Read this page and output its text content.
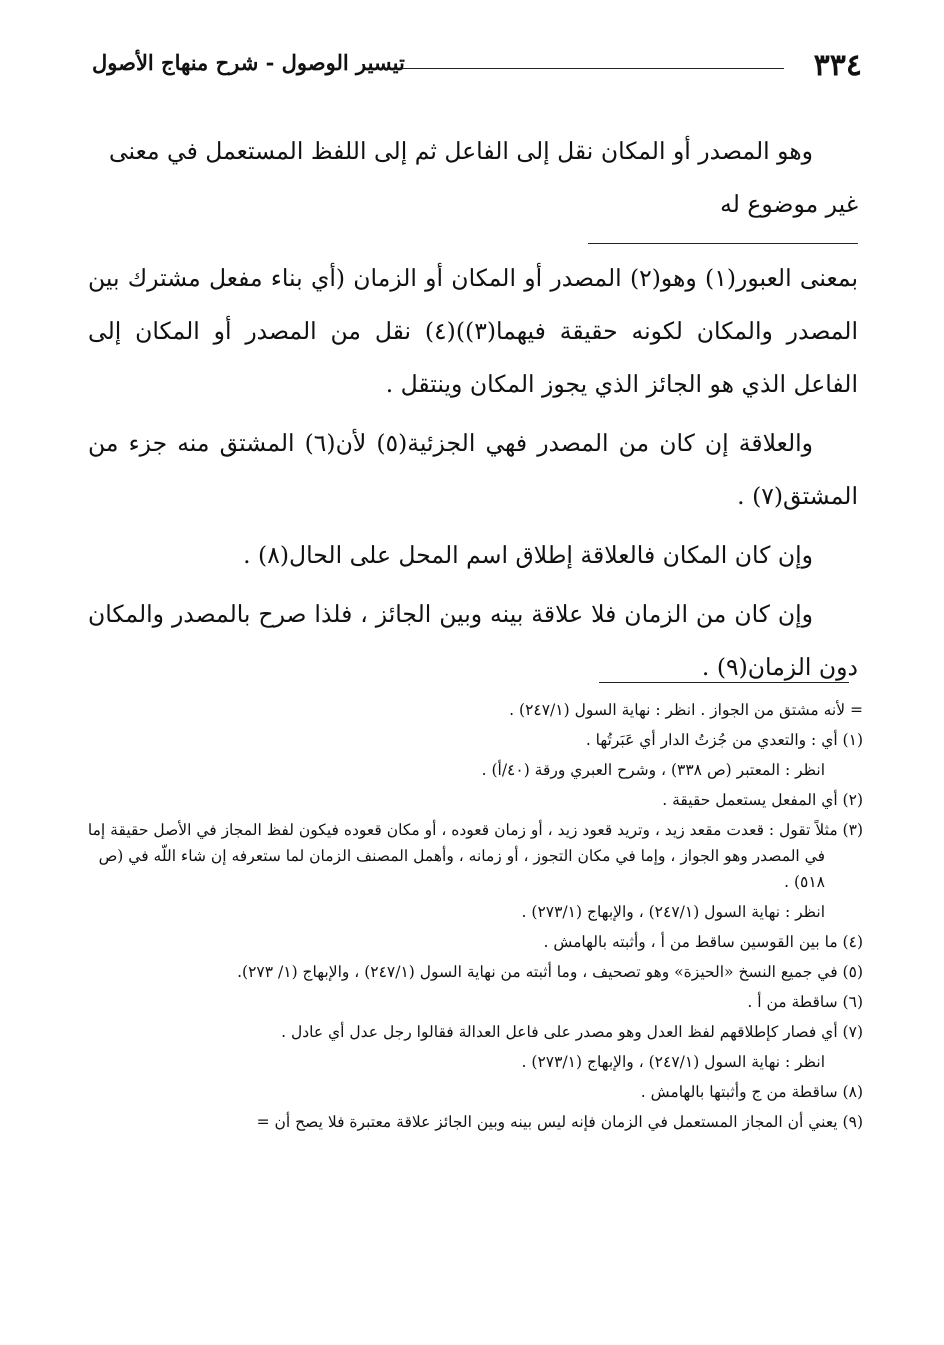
٣٣٤
تيسير الوصول - شرح منهاج الأصول

وهو المصدر أو المكان نقل إلى الفاعل ثم إلى اللفظ المستعمل في معنى

غير موضوع له

بمعنى العبور(١) وهو(٢) المصدر أو المكان أو الزمان (أي بناء مفعل مشترك بين المصدر والمكان لكونه حقيقة فيهما(٣))(٤) نقل من المصدر أو المكان إلى الفاعل الذي هو الجائز الذي يجوز المكان وينتقل .

والعلاقة إن كان من المصدر فهي الجزئية(٥) لأن(٦) المشتق منه جزء من المشتق(٧) .

وإن كان المكان فالعلاقة إطلاق اسم المحل على الحال(٨) .

وإن كان من الزمان فلا علاقة بينه وبين الجائز ، فلذا صرح بالمصدر والمكان دون الزمان(٩) .

= لأنه مشتق من الجواز . انظر : نهاية السول (٢٤٧/١) .

(١) أي : والتعدي من جُزتُ الدار أي عَبَرتُها .

انظر : المعتبر (ص ٣٣٨) ، وشرح العبري ورقة (٤٠/أ) .

(٢) أي المفعل يستعمل حقيقة .

(٣) مثلاً تقول : قعدت مقعد زيد ، وتريد قعود زيد ، أو زمان قعوده ، أو مكان قعوده فيكون لفظ المجاز في الأصل حقيقة إما في المصدر وهو الجواز ، وإما في مكان التجوز ، أو زمانه ، وأهمل المصنف الزمان لما ستعرفه إن شاء اللّه في (ص ٥١٨) .

انظر : نهاية السول (٢٤٧/١) ، والإبهاج (٢٧٣/١) .

(٤) ما بين القوسين ساقط من أ ، وأثبته بالهامش .

(٥) في جميع النسخ «الحيزة» وهو تصحيف ، وما أثبته من نهاية السول (٢٤٧/١) ، والإبهاج (١/ ٢٧٣).

(٦) ساقطة من أ .

(٧) أي فصار كإطلاقهم لفظ العدل وهو مصدر على فاعل العدالة فقالوا رجل عدل أي عادل .

انظر : نهاية السول (٢٤٧/١) ، والإبهاج (٢٧٣/١) .

(٨) ساقطة من ج وأثبتها بالهامش .

(٩) يعني أن المجاز المستعمل في الزمان فإنه ليس بينه وبين الجائز علاقة معتبرة فلا يصح أن =
